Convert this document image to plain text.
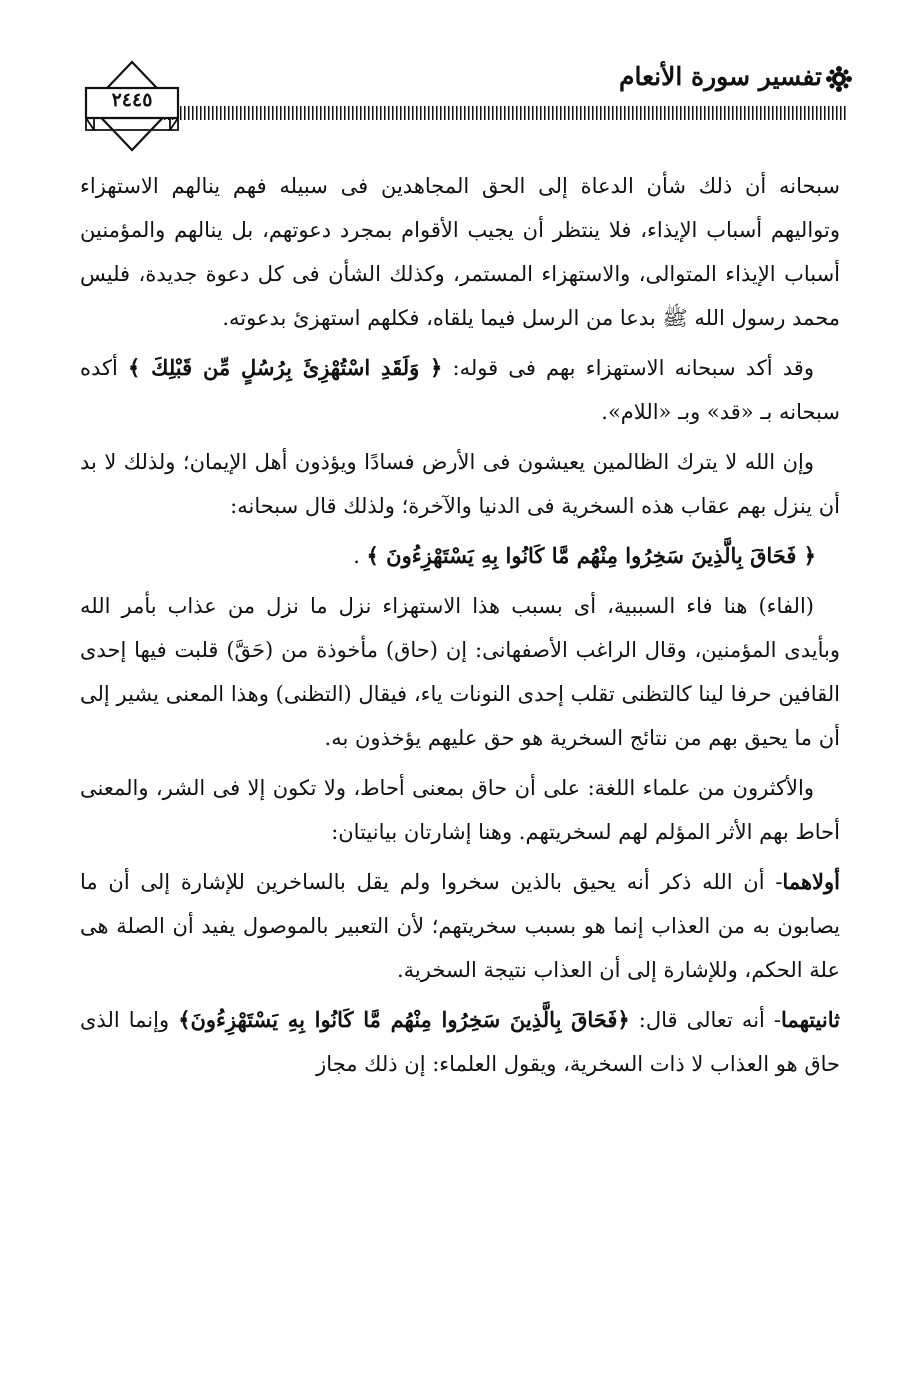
تفسير سورة الأنعام
٢٤٤٥

سبحانه أن ذلك شأن الدعاة إلى الحق المجاهدين فى سبيله فهم ينالهم الاستهزاء وتواليهم أسباب الإيذاء، فلا ينتظر أن يجيب الأقوام بمجرد دعوتهم، بل ينالهم والمؤمنين أسباب الإيذاء المتوالى، والاستهزاء المستمر، وكذلك الشأن فى كل دعوة جديدة، فليس محمد رسول الله ﷺ بدعا من الرسل فيما يلقاه، فكلهم استهزئ بدعوته.

وقد أكد سبحانه الاستهزاء بهم فى قوله: ﴿ وَلَقَدِ اسْتُهْزِئَ بِرُسُلٍ مِّن قَبْلِكَ ﴾ أكده سبحانه بـ «قد» وبـ «اللام».

وإن الله لا يترك الظالمين يعيشون فى الأرض فسادًا ويؤذون أهل الإيمان؛ ولذلك لا بد أن ينزل بهم عقاب هذه السخرية فى الدنيا والآخرة؛ ولذلك قال سبحانه:

﴿ فَحَاقَ بِالَّذِينَ سَخِرُوا مِنْهُم مَّا كَانُوا بِهِ يَسْتَهْزِءُونَ ﴾ .

(الفاء) هنا فاء السببية، أى بسبب هذا الاستهزاء نزل ما نزل من عذاب بأمر الله وبأيدى المؤمنين، وقال الراغب الأصفهانى: إن (حاق) مأخوذة من (حَقَّ) قلبت فيها إحدى القافين حرفا لينا كالتظنى تقلب إحدى النونات ياء، فيقال (التظنى) وهذا المعنى يشير إلى أن ما يحيق بهم من نتائج السخرية هو حق عليهم يؤخذون به.

والأكثرون من علماء اللغة: على أن حاق بمعنى أحاط، ولا تكون إلا فى الشر، والمعنى أحاط بهم الأثر المؤلم لهم لسخريتهم. وهنا إشارتان بيانيتان:

أولاهما- أن الله ذكر أنه يحيق بالذين سخروا ولم يقل بالساخرين للإشارة إلى أن ما يصابون به من العذاب إنما هو بسبب سخريتهم؛ لأن التعبير بالموصول يفيد أن الصلة هى علة الحكم، وللإشارة إلى أن العذاب نتيجة السخرية.

ثانيتهما- أنه تعالى قال: ﴿فَحَاقَ بِالَّذِينَ سَخِرُوا مِنْهُم مَّا كَانُوا بِهِ يَسْتَهْزِءُونَ﴾ وإنما الذى حاق هو العذاب لا ذات السخرية، ويقول العلماء: إن ذلك مجاز
